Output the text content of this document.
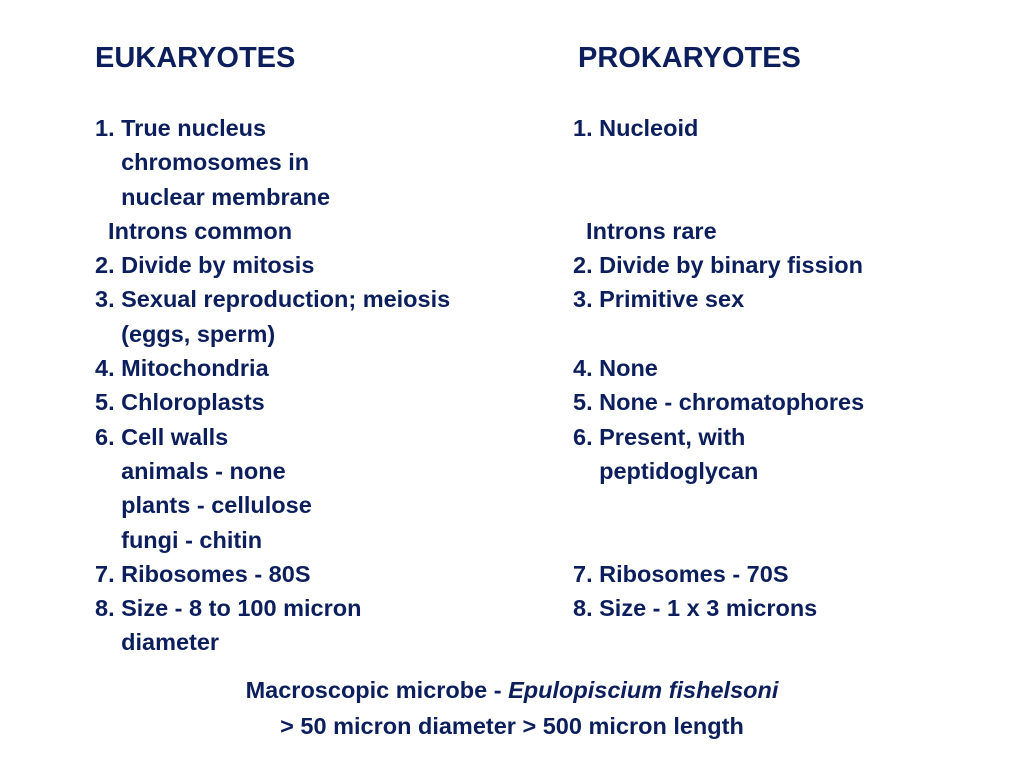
EUKARYOTES	PROKARYOTES
1. True nucleus
chromosomes in
nuclear membrane
Introns common
2. Divide by mitosis
3. Sexual reproduction; meiosis
(eggs, sperm)
4. Mitochondria
5. Chloroplasts
6. Cell walls
animals - none
plants - cellulose
fungi - chitin
7. Ribosomes - 80S
8. Size - 8 to 100 micron
diameter
1. Nucleoid
Introns rare
2. Divide by binary fission
3. Primitive sex
4. None
5. None - chromatophores
6. Present, with
peptidoglycan
7. Ribosomes - 70S
8. Size - 1 x 3 microns
Macroscopic microbe - Epulopiscium fishelsoni
> 50 micron diameter > 500 micron length
